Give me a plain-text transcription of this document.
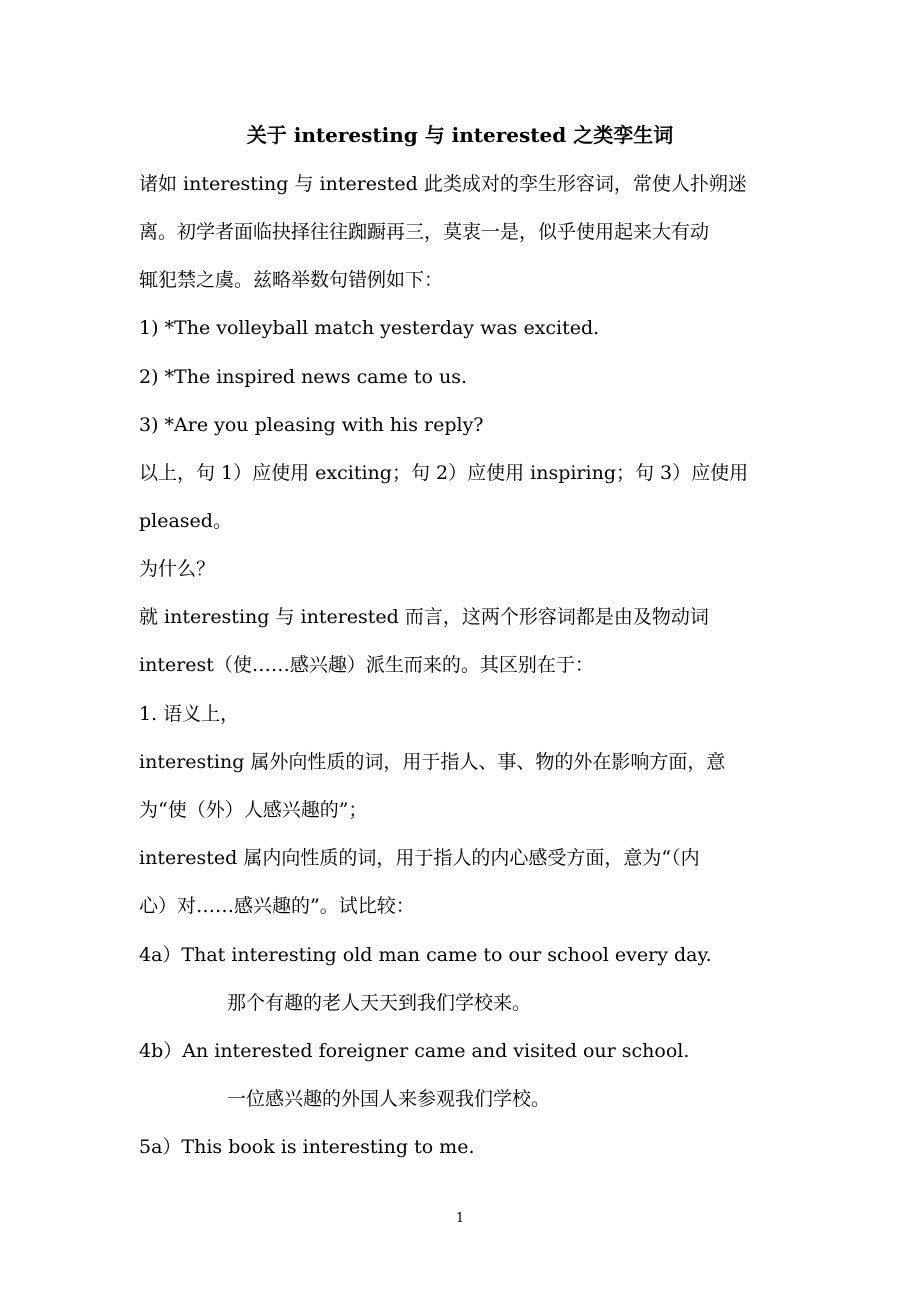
关于 interesting 与 interested 之类孪生词
诸如 interesting 与 interested 此类成对的孪生形容词，常使人扑朔迷
离。初学者面临抉择往往踟蹰再三，莫衷一是，似乎使用起来大有动
辄犯禁之虞。兹略举数句错例如下：
1) *The volleyball match yesterday was excited.
2) *The inspired news came to us.
3) *Are you pleasing with his reply?
以上，句 1）应使用 exciting；句 2）应使用 inspiring；句 3）应使用
pleased。
为什么？
就 interesting 与 interested 而言，这两个形容词都是由及物动词
interest（使……感兴趣）派生而来的。其区别在于：
1. 语义上，
interesting 属外向性质的词，用于指人、事、物的外在影响方面，意
为“使（外）人感兴趣的”；
interested 属内向性质的词，用于指人的内心感受方面，意为“（内
心）对……感兴趣的”。试比较：
4a）That interesting old man came to our school every day.
那个有趣的老人天天到我们学校来。
4b）An interested foreigner came and visited our school.
一位感兴趣的外国人来参观我们学校。
5a）This book is interesting to me.
1
